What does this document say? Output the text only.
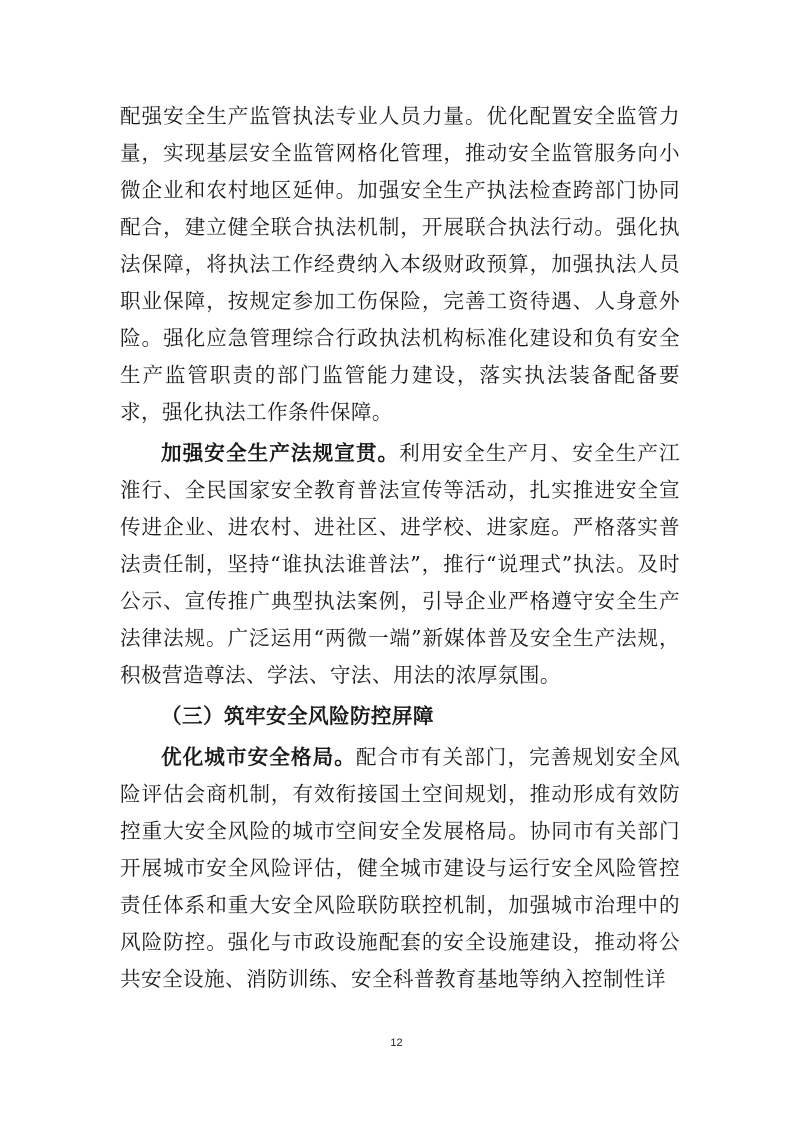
配强安全生产监管执法专业人员力量。优化配置安全监管力量，实现基层安全监管网格化管理，推动安全监管服务向小微企业和农村地区延伸。加强安全生产执法检查跨部门协同配合，建立健全联合执法机制，开展联合执法行动。强化执法保障，将执法工作经费纳入本级财政预算，加强执法人员职业保障，按规定参加工伤保险，完善工资待遇、人身意外险。强化应急管理综合行政执法机构标准化建设和负有安全生产监管职责的部门监管能力建设，落实执法装备配备要求，强化执法工作条件保障。

加强安全生产法规宣贯。利用安全生产月、安全生产江淮行、全民国家安全教育普法宣传等活动，扎实推进安全宣传进企业、进农村、进社区、进学校、进家庭。严格落实普法责任制，坚持“谁执法谁普法”，推行“说理式”执法。及时公示、宣传推广典型执法案例，引导企业严格遵守安全生产法律法规。广泛运用“两微一端”新媒体普及安全生产法规，积极营造尊法、学法、守法、用法的浓厚氛围。

（三）筑牢安全风险防控屏障

优化城市安全格局。配合市有关部门，完善规划安全风险评估会商机制，有效衔接国土空间规划，推动形成有效防控重大安全风险的城市空间安全发展格局。协同市有关部门开展城市安全风险评估，健全城市建设与运行安全风险管控责任体系和重大安全风险联防联控机制，加强城市治理中的风险防控。强化与市政设施配套的安全设施建设，推动将公共安全设施、消防训练、安全科普教育基地等纳入控制性详

12
